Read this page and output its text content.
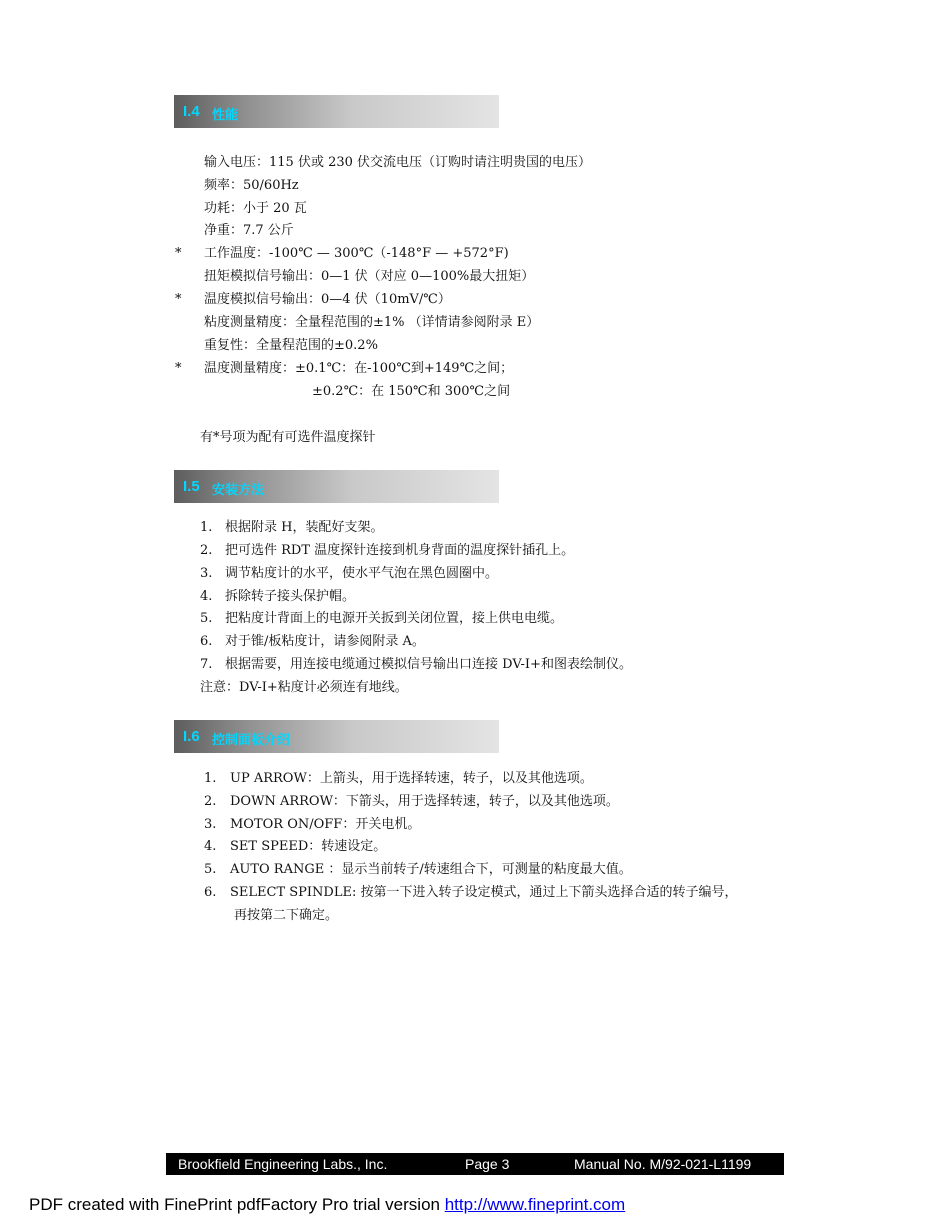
I.4 性能
输入电压：115 伏或 230 伏交流电压（订购时请注明贵国的电压）
频率：50/60Hz
功耗：小于 20 瓦
净重：7.7 公斤
* 工作温度：-100℃ — 300℃（-148°F — +572°F)
扭矩模拟信号输出：0—1 伏（对应 0—100%最大扭矩）
* 温度模拟信号输出：0—4 伏（10mV/℃）
粘度测量精度：全量程范围的±1% （详情请参阅附录 E）
重复性：全量程范围的±0.2%
* 温度测量精度：±0.1℃：在-100℃到+149℃之间；
±0.2℃：在 150℃和 300℃之间
有*号项为配有可选件温度探针
I.5 安装方法
1. 根据附录 H，装配好支架。
2. 把可选件 RDT 温度探针连接到机身背面的温度探针插孔上。
3. 调节粘度计的水平，使水平气泡在黑色圆圈中。
4. 拆除转子接头保护帽。
5. 把粘度计背面上的电源开关扳到关闭位置，接上供电电缆。
6. 对于锥/板粘度计，请参阅附录 A。
7. 根据需要，用连接电缆通过模拟信号输出口连接 DV-I+和图表绘制仪。
注意：DV-I+粘度计必须连有地线。
I.6 控制面板介绍
1. UP ARROW：上箭头，用于选择转速，转子，以及其他选项。
2. DOWN ARROW：下箭头，用于选择转速，转子，以及其他选项。
3. MOTOR ON/OFF：开关电机。
4. SET SPEED：转速设定。
5. AUTO RANGE ：显示当前转子/转速组合下，可测量的粘度最大值。
6. SELECT SPINDLE: 按第一下进入转子设定模式，通过上下箭头选择合适的转子编号，
再按第二下确定。
Brookfield Engineering Labs., Inc.	Page 3	Manual No. M/92-021-L1199
PDF created with FinePrint pdfFactory Pro trial version http://www.fineprint.com
